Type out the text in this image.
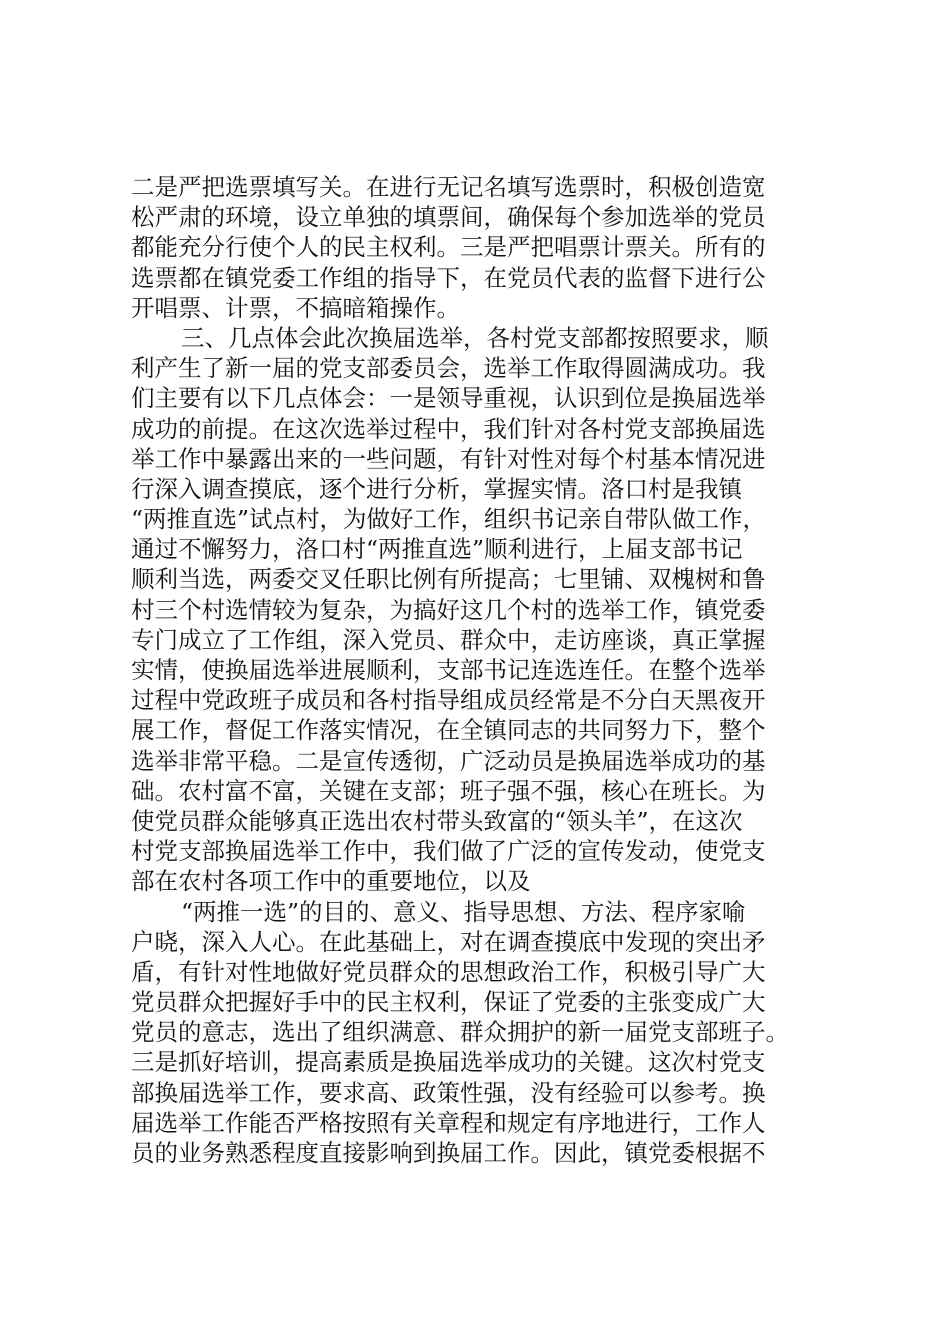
二是严把选票填写关。在进行无记名填写选票时，积极创造宽
松严肃的环境，设立单独的填票间，确保每个参加选举的党员
都能充分行使个人的民主权利。三是严把唱票计票关。所有的
选票都在镇党委工作组的指导下，在党员代表的监督下进行公
开唱票、计票，不搞暗箱操作。
三、几点体会此次换届选举，各村党支部都按照要求，顺
利产生了新一届的党支部委员会，选举工作取得圆满成功。我
们主要有以下几点体会：一是领导重视，认识到位是换届选举
成功的前提。在这次选举过程中，我们针对各村党支部换届选
举工作中暴露出来的一些问题，有针对性对每个村基本情况进
行深入调查摸底，逐个进行分析，掌握实情。洛口村是我镇
“两推直选”试点村，为做好工作，组织书记亲自带队做工作，
通过不懈努力，洛口村“两推直选”顺利进行，上届支部书记
顺利当选，两委交叉任职比例有所提高；七里铺、双槐树和鲁
村三个村选情较为复杂，为搞好这几个村的选举工作，镇党委
专门成立了工作组，深入党员、群众中，走访座谈，真正掌握
实情，使换届选举进展顺利，支部书记连选连任。在整个选举
过程中党政班子成员和各村指导组成员经常是不分白天黑夜开
展工作，督促工作落实情况，在全镇同志的共同努力下，整个
选举非常平稳。二是宣传透彻，广泛动员是换届选举成功的基
础。农村富不富，关键在支部；班子强不强，核心在班长。为
使党员群众能够真正选出农村带头致富的“领头羊”，在这次
村党支部换届选举工作中，我们做了广泛的宣传发动，使党支
部在农村各项工作中的重要地位，以及
“两推一选”的目的、意义、指导思想、方法、程序家喻
户晓，深入人心。在此基础上，对在调查摸底中发现的突出矛
盾，有针对性地做好党员群众的思想政治工作，积极引导广大
党员群众把握好手中的民主权利，保证了党委的主张变成广大
党员的意志，选出了组织满意、群众拥护的新一届党支部班子。
三是抓好培训，提高素质是换届选举成功的关键。这次村党支
部换届选举工作，要求高、政策性强，没有经验可以参考。换
届选举工作能否严格按照有关章程和规定有序地进行，工作人
员的业务熟悉程度直接影响到换届工作。因此，镇党委根据不
